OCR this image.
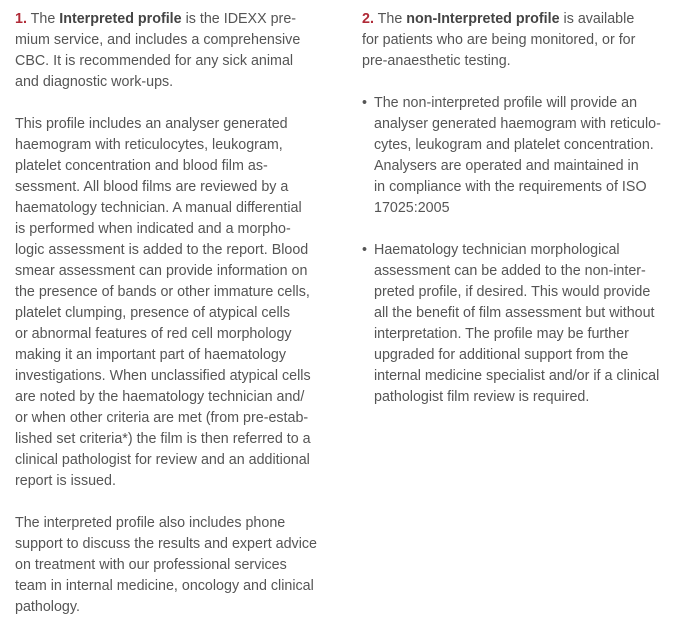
1. The Interpreted profile is the IDEXX pre-
mium service, and includes a comprehensive
CBC. It is recommended for any sick animal
and diagnostic work-ups.
This profile includes an analyser generated
haemogram with reticulocytes, leukogram,
platelet concentration and blood film as-
sessment. All blood films are reviewed by a
haematology technician. A manual differential
is performed when indicated and a morpho-
logic assessment is added to the report. Blood
smear assessment can provide information on
the presence of bands or other immature cells,
platelet clumping, presence of atypical cells
or abnormal features of red cell morphology
making it an important part of haematology
investigations. When unclassified atypical cells
are noted by the haematology technician and/
or when other criteria are met (from pre-estab-
lished set criteria*) the film is then referred to a
clinical pathologist for review and an additional
report is issued.
The interpreted profile also includes phone
support to discuss the results and expert advice
on treatment with our professional services
team in internal medicine, oncology and clinical
pathology.
2. The non-Interpreted profile is available
for patients who are being monitored, or for
pre-anaesthetic testing.
• The non-interpreted profile will provide an
analyser generated haemogram with reticulo-
cytes, leukogram and platelet concentration.
Analysers are operated and maintained in
in compliance with the requirements of ISO
17025:2005
• Haematology technician morphological
assessment can be added to the non-inter-
preted profile, if desired. This would provide
all the benefit of film assessment but without
interpretation. The profile may be further
upgraded for additional support from the
internal medicine specialist and/or if a clinical
pathologist film review is required.
